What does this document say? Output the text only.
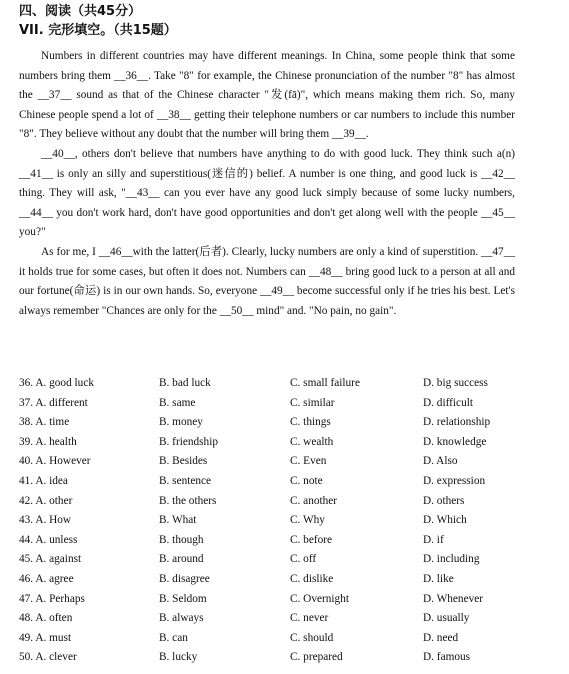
四、阅读（共45分）
VII. 完形填空。（共15题）

Numbers in different countries may have different meanings. In China, some people think that some numbers bring them __36__. Take "8" for example, the Chinese pronunciation of the number "8" has almost the __37__ sound as that of the Chinese character "发(fā)", which means making them rich. So, many Chinese people spend a lot of __38__ getting their telephone numbers or car numbers to include this number "8". They believe without any doubt that the number will bring them __39__.

__40__, others don't believe that numbers have anything to do with good luck. They think such a(n) __41__ is only an silly and superstitious(迷信的) belief. A number is one thing, and good luck is __42__ thing. They will ask, "__43__ can you ever have any good luck simply because of some lucky numbers, __44__ you don't work hard, don't have good opportunities and don't get along well with the people __45__ you?"

As for me, I __46__with the latter(后者). Clearly, lucky numbers are only a kind of superstition. __47__ it holds true for some cases, but often it does not. Numbers can __48__ bring good luck to a person at all and our fortune(命运) is in our own hands. So, everyone __49__ become successful only if he tries his best. Let's always remember "Chances are only for the __50__ mind" and. "No pain, no gain".

36. A. good luck	B. bad luck	C. small failure	D. big success
37. A. different	B. same	C. similar	D. difficult
38. A. time	B. money	C. things	D. relationship
39. A. health	B. friendship	C. wealth	D. knowledge
40. A. However	B. Besides	C. Even	D. Also
41. A. idea	B. sentence	C. note	D. expression
42. A. other	B. the others	C. another	D. others
43. A. How	B. What	C. Why	D. Which
44. A. unless	B. though	C. before	D. if
45. A. against	B. around	C. off	D. including
46. A. agree	B. disagree	C. dislike	D. like
47. A. Perhaps	B. Seldom	C. Overnight	D. Whenever
48. A. often	B. always	C. never	D. usually
49. A. must	B. can	C. should	D. need
50. A. clever	B. lucky	C. prepared	D. famous
